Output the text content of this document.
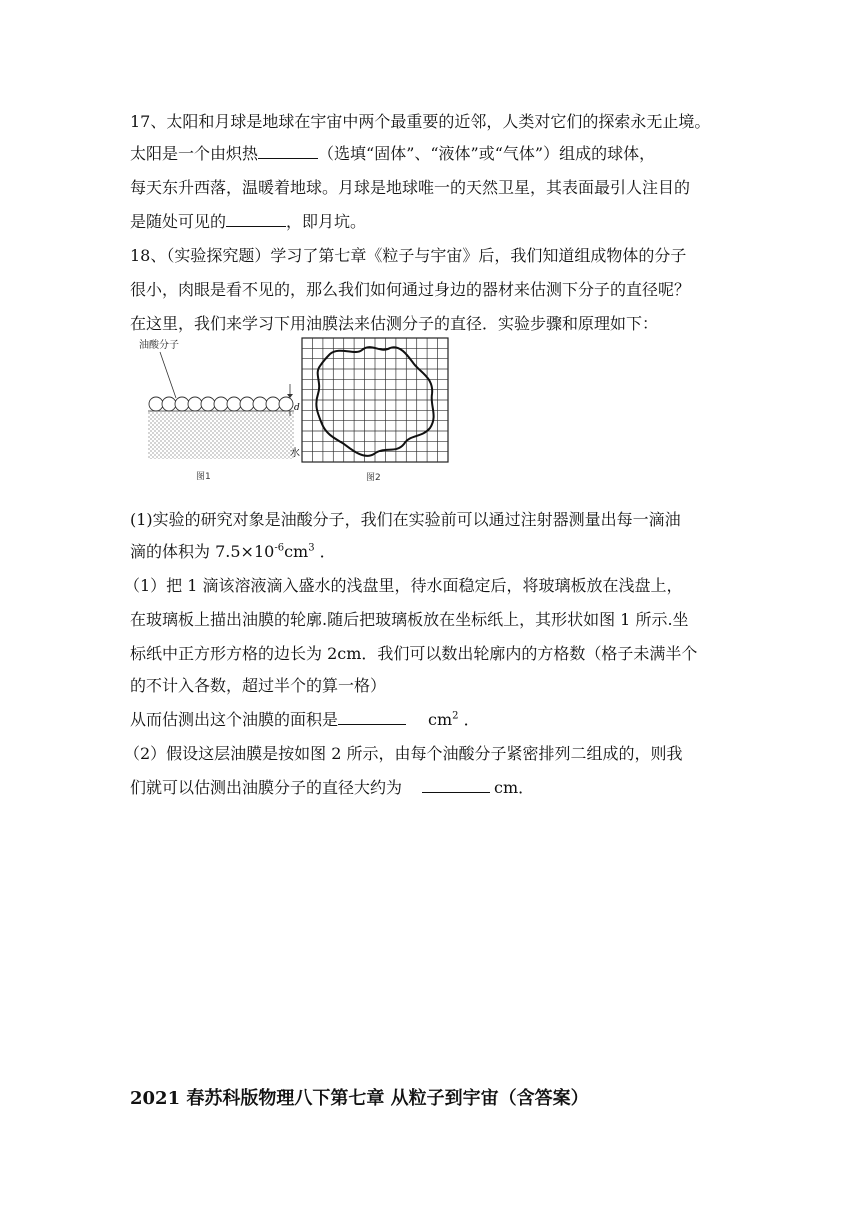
17、太阳和月球是地球在宇宙中两个最重要的近邻，人类对它们的探索永无止境。
太阳是一个由炽热	（选填“固体”、“液体”或“气体”）组成的球体，
每天东升西落，温暖着地球。月球是地球唯一的天然卫星，其表面最引人注目的
是随处可见的	，即月坑。
18、（实验探究题）学习了第七章《粒子与宇宙》后，我们知道组成物体的分子
很小，肉眼是看不见的，那么我们如何通过身边的器材来估测下分子的直径呢？
在这里，我们来学习下用油膜法来估测分子的直径．实验步骤和原理如下：
油酸分子
d
水
图1	图2
(1)实验的研究对象是油酸分子，我们在实验前可以通过注射器测量出每一滴油
滴的体积为 $7.5\times 10^{-6}cm^3$ ．
（1）把 1 滴该溶液滴入盛水的浅盘里，待水面稳定后，将玻璃板放在浅盘上，
在玻璃板上描出油膜的轮廓.随后把玻璃板放在坐标纸上，其形状如图 1 所示.坐
标纸中正方形方格的边长为 2cm．我们可以数出轮廓内的方格数（格子未满半个
的不计入各数，超过半个的算一格）
从而估测出这个油膜的面积是	$cm^2$ ．
（2）假设这层油膜是按如图 2 所示，由每个油酸分子紧密排列二组成的，则我
们就可以估测出油膜分子的直径大约为	cm．
2021 春苏科版物理八下第七章 从粒子到宇宙（含答案）
